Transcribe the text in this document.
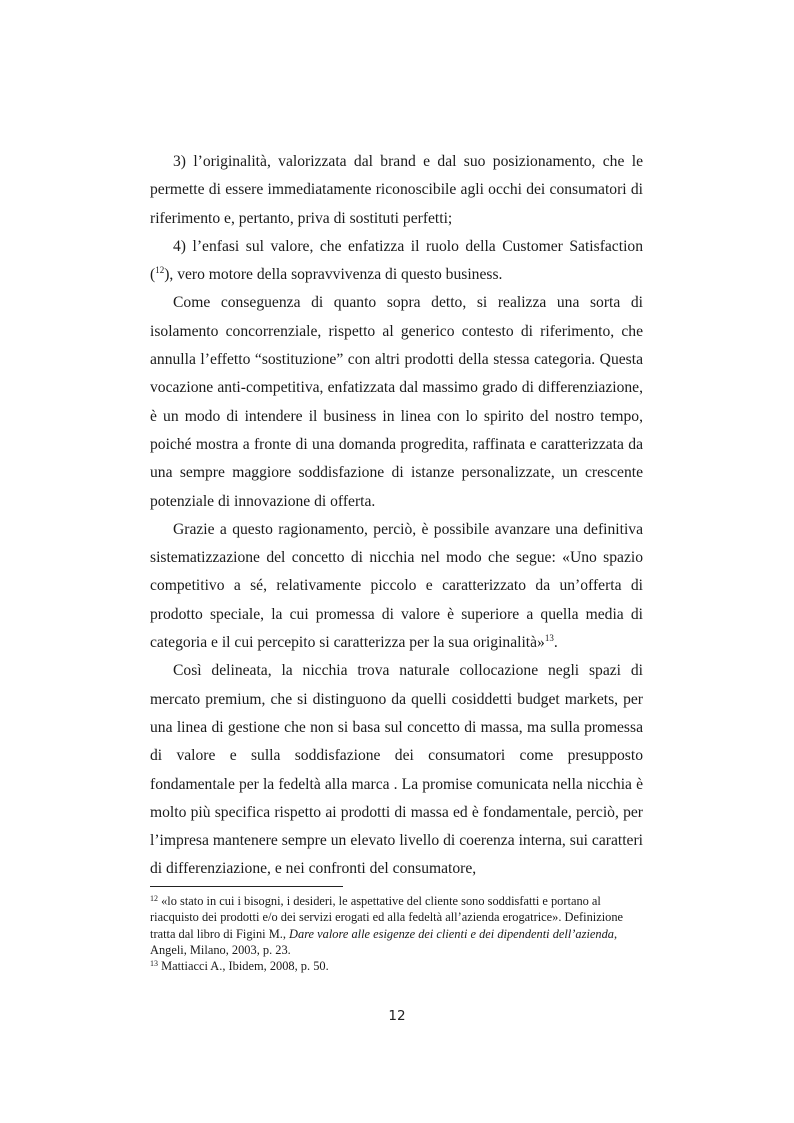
3) l’originalità, valorizzata dal brand e dal suo posizionamento, che le permette di essere immediatamente riconoscibile agli occhi dei consumatori di riferimento e, pertanto, priva di sostituti perfetti;

4) l’enfasi sul valore, che enfatizza il ruolo della Customer Satisfaction ($^{12}$), vero motore della sopravvivenza di questo business.

Come conseguenza di quanto sopra detto, si realizza una sorta di isolamento concorrenziale, rispetto al generico contesto di riferimento, che annulla l’effetto “sostituzione” con altri prodotti della stessa categoria. Questa vocazione anti-competitiva, enfatizzata dal massimo grado di differenziazione, è un modo di intendere il business in linea con lo spirito del nostro tempo, poiché mostra a fronte di una domanda progredita, raffinata e caratterizzata da una sempre maggiore soddisfazione di istanze personalizzate, un crescente potenziale di innovazione di offerta.

Grazie a questo ragionamento, perciò, è possibile avanzare una definitiva sistematizzazione del concetto di nicchia nel modo che segue: «Uno spazio competitivo a sé, relativamente piccolo e caratterizzato da un’offerta di prodotto speciale, la cui promessa di valore è superiore a quella media di categoria e il cui percepito si caratterizza per la sua originalità»$^{13}$.

Così delineata, la nicchia trova naturale collocazione negli spazi di mercato premium, che si distinguono da quelli cosiddetti budget markets, per una linea di gestione che non si basa sul concetto di massa, ma sulla promessa di valore e sulla soddisfazione dei consumatori come presupposto fondamentale per la fedeltà alla marca . La promise comunicata nella nicchia è molto più specifica rispetto ai prodotti di massa ed è fondamentale, perciò, per l’impresa mantenere sempre un elevato livello di coerenza interna, sui caratteri di differenziazione, e nei confronti del consumatore,

$^{12}$ «lo stato in cui i bisogni, i desideri, le aspettative del cliente sono soddisfatti e portano al riacquisto dei prodotti e/o dei servizi erogati ed alla fedeltà all’azienda erogatrice». Definizione tratta dal libro di Figini M., Dare valore alle esigenze dei clienti e dei dipendenti dell’azienda, Angeli, Milano, 2003, p. 23.

$^{13}$ Mattiacci A., Ibidem, 2008, p. 50.

12
